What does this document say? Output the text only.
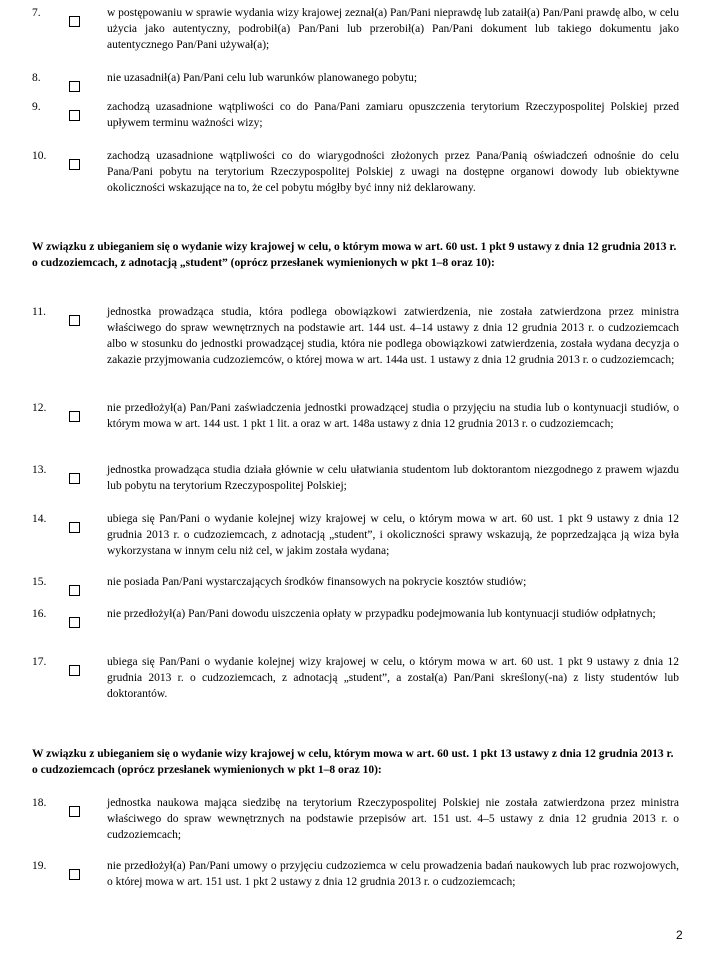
7.	w postępowaniu w sprawie wydania wizy krajowej zeznał(a) Pan/Pani nieprawdę lub zataił(a) Pan/Pani prawdę albo, w celu użycia jako autentyczny, podrobił(a) Pan/Pani lub przerobił(a) Pan/Pani dokument lub takiego dokumentu jako autentycznego Pan/Pani używał(a);
8.	nie uzasadnił(a) Pan/Pani celu lub warunków planowanego pobytu;
9.	zachodzą uzasadnione wątpliwości co do Pana/Pani zamiaru opuszczenia terytorium Rzeczypospolitej Polskiej przed upływem terminu ważności wizy;
10.	zachodzą uzasadnione wątpliwości co do wiarygodności złożonych przez Pana/Panią oświadczeń odnośnie do celu Pana/Pani pobytu na terytorium Rzeczypospolitej Polskiej z uwagi na dostępne organowi dowody lub obiektywne okoliczności wskazujące na to, że cel pobytu mógłby być inny niż deklarowany.
W związku z ubieganiem się o wydanie wizy krajowej w celu, o którym mowa w art. 60 ust. 1 pkt 9 ustawy z dnia 12 grudnia 2013 r. o cudzoziemcach, z adnotacją „student” (oprócz przesłanek wymienionych w pkt 1–8 oraz 10):
11.	jednostka prowadząca studia, która podlega obowiązkowi zatwierdzenia, nie została zatwierdzona przez ministra właściwego do spraw wewnętrznych na podstawie art. 144 ust. 4–14 ustawy z dnia 12 grudnia 2013 r. o cudzoziemcach albo w stosunku do jednostki prowadzącej studia, która nie podlega obowiązkowi zatwierdzenia, została wydana decyzja o zakazie przyjmowania cudzoziemców, o której mowa w art. 144a ust. 1 ustawy z dnia 12 grudnia 2013 r. o cudzoziemcach;
12.	nie przedłożył(a) Pan/Pani zaświadczenia jednostki prowadzącej studia o przyjęciu na studia lub o kontynuacji studiów, o którym mowa w art. 144 ust. 1 pkt 1 lit. a oraz w art. 148a ustawy z dnia 12 grudnia 2013 r. o cudzoziemcach;
13.	jednostka prowadząca studia działa głównie w celu ułatwiania studentom lub doktorantom niezgodnego z prawem wjazdu lub pobytu na terytorium Rzeczypospolitej Polskiej;
14.	ubiega się Pan/Pani o wydanie kolejnej wizy krajowej w celu, o którym mowa w art. 60 ust. 1 pkt 9 ustawy z dnia 12 grudnia 2013 r. o cudzoziemcach, z adnotacją „student”, i okoliczności sprawy wskazują, że poprzedzająca ją wiza była wykorzystana w innym celu niż cel, w jakim została wydana;
15.	nie posiada Pan/Pani wystarczających środków finansowych na pokrycie kosztów studiów;
16.	nie przedłożył(a) Pan/Pani dowodu uiszczenia opłaty w przypadku podejmowania lub kontynuacji studiów odpłatnych;
17.	ubiega się Pan/Pani o wydanie kolejnej wizy krajowej w celu, o którym mowa w art. 60 ust. 1 pkt 9 ustawy z dnia 12 grudnia 2013 r. o cudzoziemcach, z adnotacją „student”, a został(a) Pan/Pani skreślony(-na) z listy studentów lub doktorantów.
W związku z ubieganiem się o wydanie wizy krajowej w celu, którym mowa w art. 60 ust. 1 pkt 13 ustawy z dnia 12 grudnia 2013 r. o cudzoziemcach (oprócz przesłanek wymienionych w pkt 1–8 oraz 10):
18.	jednostka naukowa mająca siedzibę na terytorium Rzeczypospolitej Polskiej nie została zatwierdzona przez ministra właściwego do spraw wewnętrznych na podstawie przepisów art. 151 ust. 4–5 ustawy z dnia 12 grudnia 2013 r. o cudzoziemcach;
19.	nie przedłożył(a) Pan/Pani umowy o przyjęciu cudzoziemca w celu prowadzenia badań naukowych lub prac rozwojowych, o której mowa w art. 151 ust. 1 pkt 2 ustawy z dnia 12 grudnia 2013 r. o cudzoziemcach;
2
